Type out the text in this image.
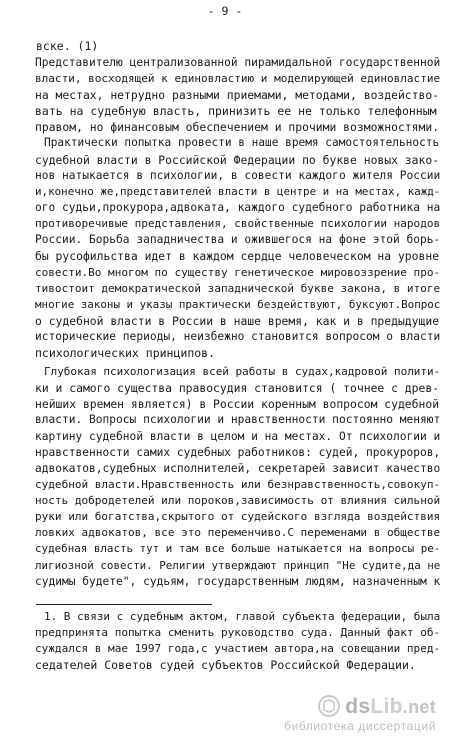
- 9 -
вске. (1)
Представителю централизованной пирамидальной государственной
власти, восходящей к единовластию и моделирующей единовластие
на местах, нетрудно разными приемами, методами, воздейство-
вать на судебную власть, принизить ее не только телефонным
правом, но финансовым обеспечением и прочими возможностями.
Практически попытка провести в наше время самостоятельность
судебной власти в Российской Федерации по букве новых зако-
нов натыкается в психологии, в совести каждого жителя России
и,конечно же,представителей власти в центре и на местах, кажд-
ого судьи,прокурора,адвоката, каждого судебного работника на
противоречивые представления, свойственные психологии народов
России. Борьба западничества и ожившегося на фоне этой борь-
бы русофильства идет в каждом сердце человеческом на уровне
совести.Во многом по существу генетическое мировоззрение про-
тивостоит демократической западнической букве закона, в итоге
многие законы и указы практически бездействуют, буксуют.Вопрос
о судебной власти в России в наше время, как и в предыдущие
исторические периоды, неизбежно становится вопросом о власти
психологических принципов.
Глубокая психологизация всей работы в судах,кадровой полити-
ки и самого существа правосудия становится ( точнее с древ-
нейших времен является) в России коренным вопросом судебной
власти. Вопросы психологии и нравственности постоянно меняют
картину судебной власти в целом и на местах. От психологии и
нравственности самих судебных работников: судей, прокуроров,
адвокатов,судебных исполнителей, секретарей зависит качество
судебной власти.Нравственность или безнравственность,совокуп-
ность добродетелей или пороков,зависимость от влияния сильной
руки или богатства,скрытого от судейского взгляда воздействия
ловких адвокатов, все это переменчиво.С переменами в обществе
судебная власть тут и там все больше натыкается на вопросы ре-
лигиозной совести. Религии утверждают принцип "Не судите,да не
судимы будете", судьям, государственным людям, назначенным к
1. В связи с судебным актом, главой субъекта федерации, была
предпринята попытка сменить руководство суда. Данный факт об-
суждался в мае 1997 года,с участием автора,на совещании пред-
седателей Советов судей субъектов Российской Федерации.
dsLib.net
библиотека диссертаций
